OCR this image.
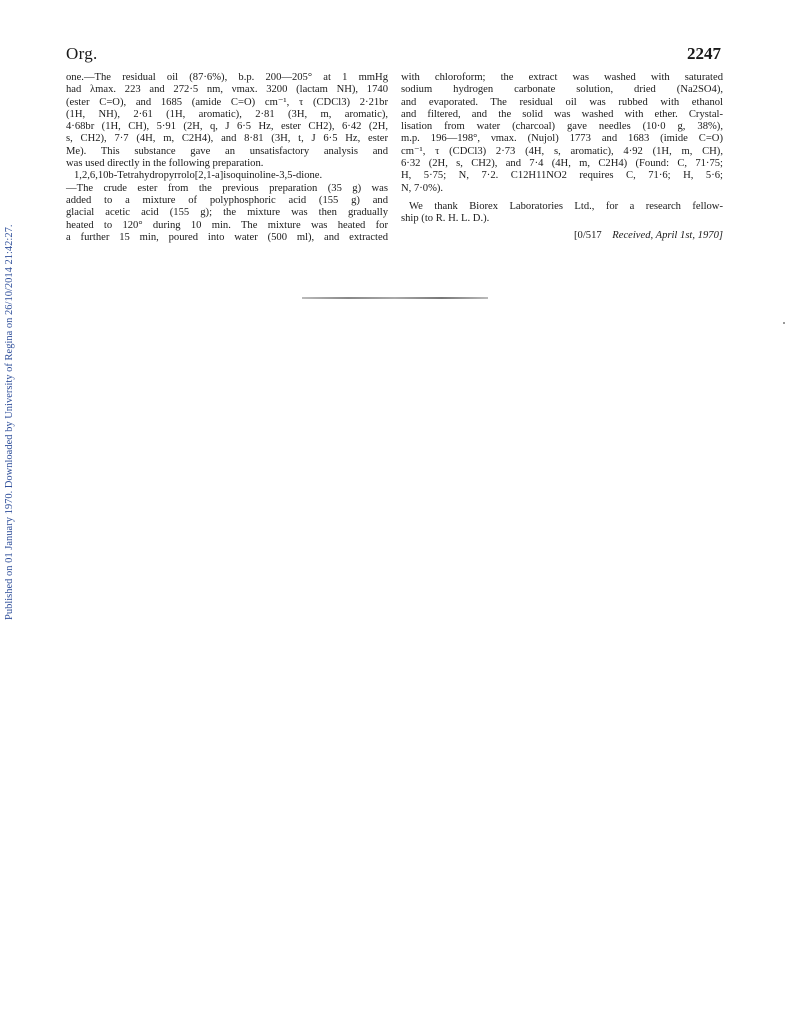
Org.	2247
Published on 01 January 1970. Downloaded by University of Regina on 26/10/2014 21:42:27.
one.—The residual oil (87·6%), b.p. 200—205° at 1 mmHg
had λmax. 223 and 272·5 nm, νmax. 3200 (lactam NH), 1740
(ester C=O), and 1685 (amide C=O) cm⁻¹, τ (CDCl3) 2·21br
(1H, NH), 2·61 (1H, aromatic), 2·81 (3H, m, aromatic),
4·68br (1H, CH), 5·91 (2H, q, J 6·5 Hz, ester CH2), 6·42 (2H,
s, CH2), 7·7 (4H, m, C2H4), and 8·81 (3H, t, J 6·5 Hz, ester
Me). This substance gave an unsatisfactory analysis and
was used directly in the following preparation.
1,2,6,10b-Tetrahydropyrrolo[2,1-a]isoquinoline-3,5-dione.
—The crude ester from the previous preparation (35 g) was
added to a mixture of polyphosphoric acid (155 g) and
glacial acetic acid (155 g); the mixture was then gradually
heated to 120° during 10 min. The mixture was heated for
a further 15 min, poured into water (500 ml), and extracted
with chloroform; the extract was washed with saturated
sodium hydrogen carbonate solution, dried (Na2SO4),
and evaporated. The residual oil was rubbed with ethanol
and filtered, and the solid was washed with ether. Crystal-
lisation from water (charcoal) gave needles (10·0 g, 38%),
m.p. 196—198°, νmax. (Nujol) 1773 and 1683 (imide C=O)
cm⁻¹, τ (CDCl3) 2·73 (4H, s, aromatic), 4·92 (1H, m, CH),
6·32 (2H, s, CH2), and 7·4 (4H, m, C2H4) (Found: C, 71·75;
H, 5·75; N, 7·2. C12H11NO2 requires C, 71·6; H, 5·6;
N, 7·0%).
We thank Biorex Laboratories Ltd., for a research fellow-
ship (to R. H. L. D.).
[0/517 Received, April 1st, 1970]
